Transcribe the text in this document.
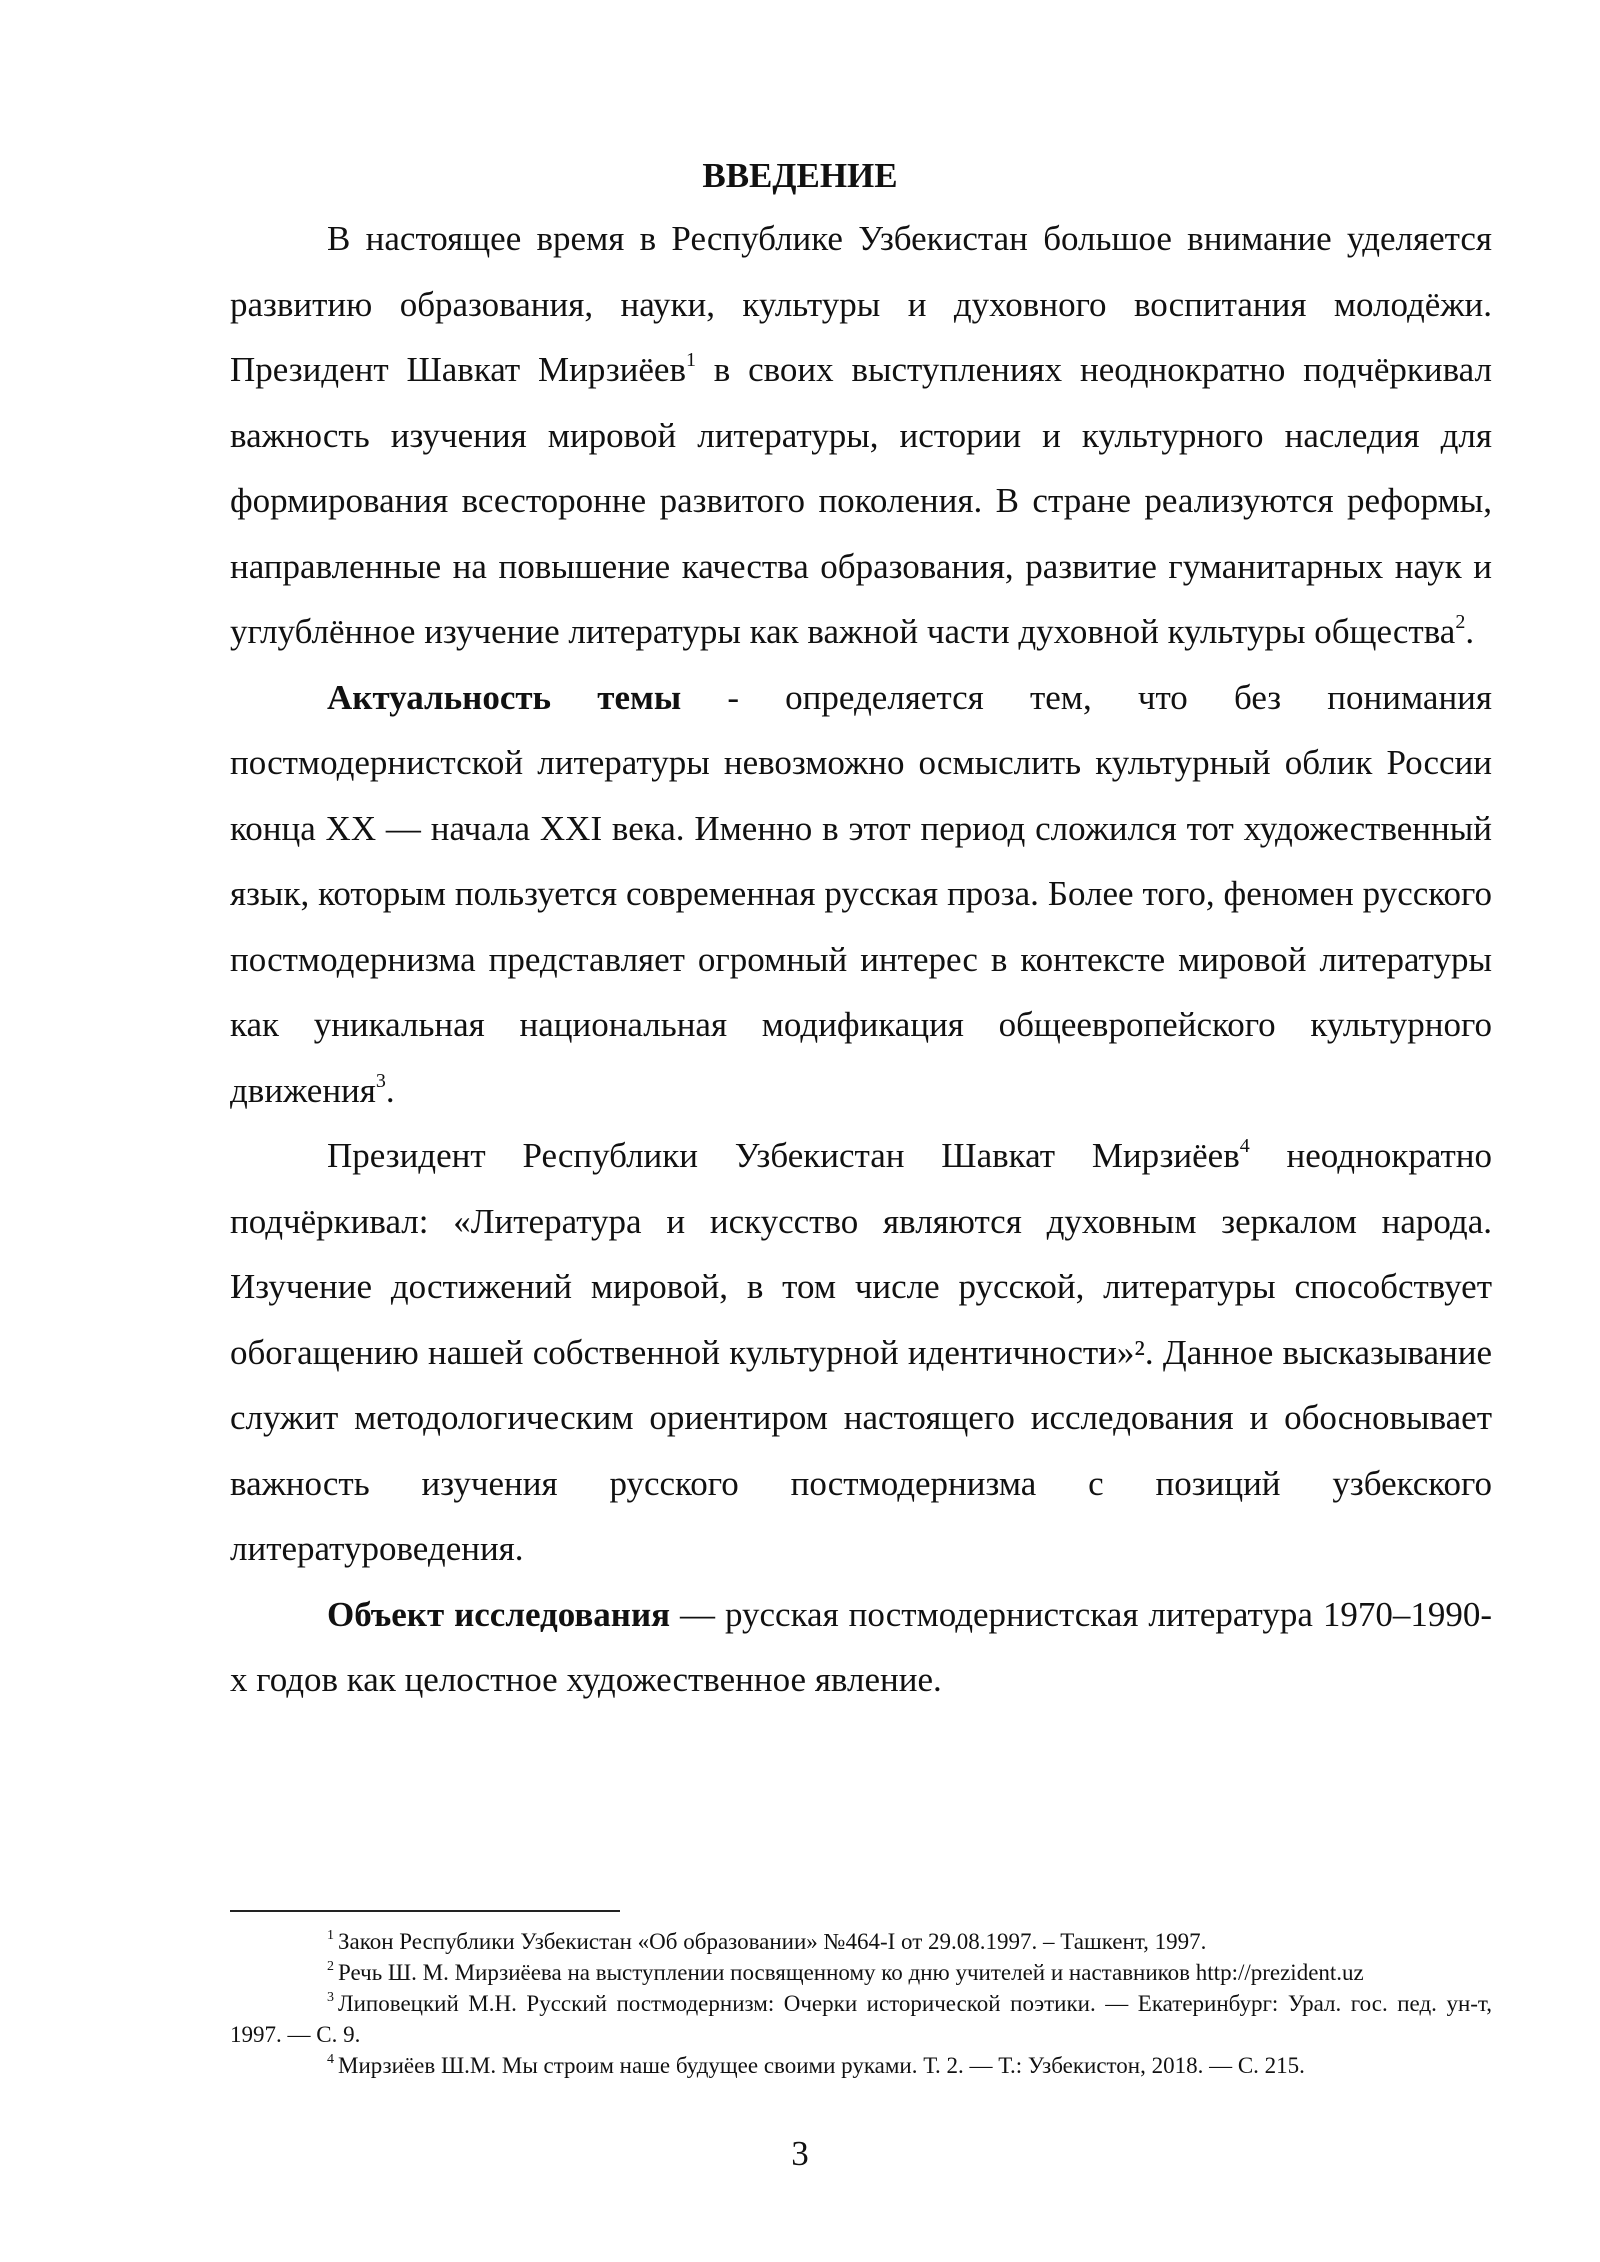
ВВЕДЕНИЕ

В настоящее время в Республике Узбекистан большое внимание уделяется развитию образования, науки, культуры и духовного воспитания молодёжи. Президент Шавкат Мирзиёев$^1$ в своих выступлениях неоднократно подчёркивал важность изучения мировой литературы, истории и культурного наследия для формирования всесторонне развитого поколения. В стране реализуются реформы, направленные на повышение качества образования, развитие гуманитарных наук и углублённое изучение литературы как важной части духовной культуры общества$^2$.

Актуальность темы - определяется тем, что без понимания постмодернистской литературы невозможно осмыслить культурный облик России конца XX — начала XXI века. Именно в этот период сложился тот художественный язык, которым пользуется современная русская проза. Более того, феномен русского постмодернизма представляет огромный интерес в контексте мировой литературы как уникальная национальная модификация общеевропейского культурного движения$^3$.

Президент Республики Узбекистан Шавкат Мирзиёев$^4$ неоднократно подчёркивал: «Литература и искусство являются духовным зеркалом народа. Изучение достижений мировой, в том числе русской, литературы способствует обогащению нашей собственной культурной идентичности»². Данное высказывание служит методологическим ориентиром настоящего исследования и обосновывает важность изучения русского постмодернизма с позиций узбекского литературоведения.

Объект исследования — русская постмодернистская литература 1970–1990-х годов как целостное художественное явление.

$^1$ Закон Республики Узбекистан «Об образовании» №464-I от 29.08.1997. – Ташкент, 1997.

$^2$ Речь Ш. М. Мирзиёева на выступлении посвященному ко дню учителей и наставников http://prezident.uz

$^3$ Липовецкий М.Н. Русский постмодернизм: Очерки исторической поэтики. — Екатеринбург: Урал. гос. пед. ун-т, 1997. — С. 9.

$^4$ Мирзиёев Ш.М. Мы строим наше будущее своими руками. Т. 2. — Т.: Узбекистон, 2018. — С. 215.

3
